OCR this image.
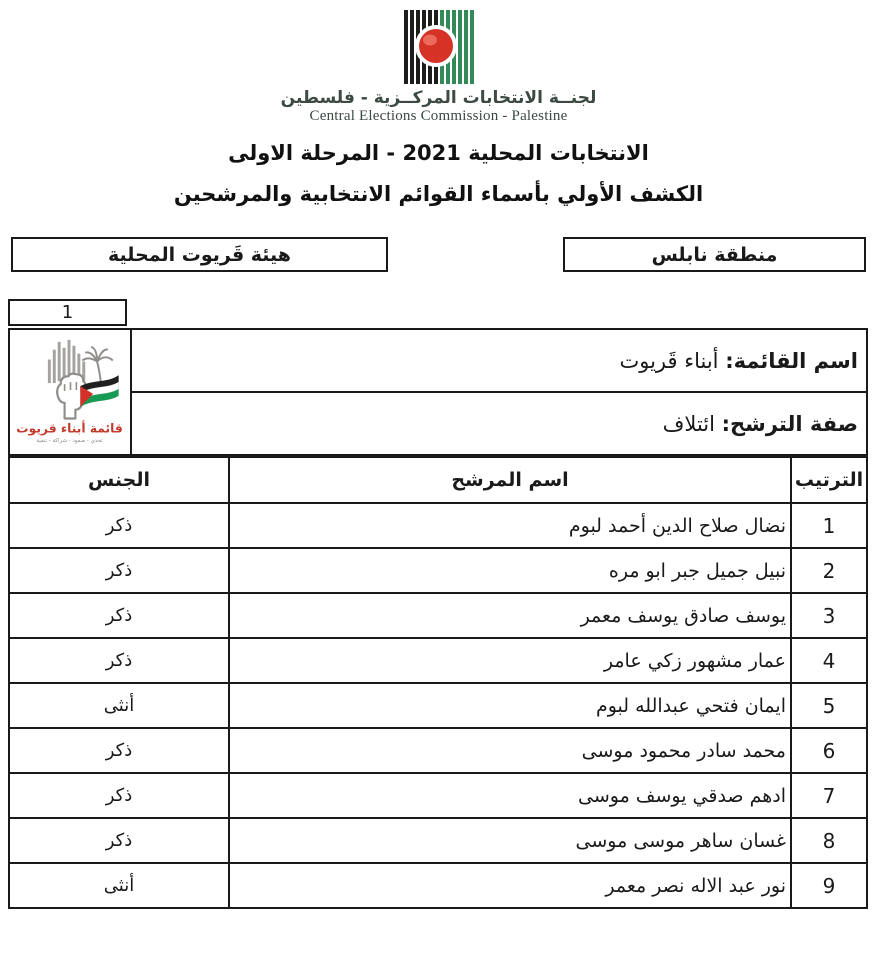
لجنــة الانتخابات المركــزية - فلسطين
Central Elections Commission - Palestine
الانتخابات المحلية 2021 - المرحلة الاولى
الكشف الأولي بأسماء القوائم الانتخابية والمرشحين
منطقة نابلس
هيئة قَريوت المحلية
1
اسم القائمة: أبناء قَريوت	
قائمة أبناء قريوت
تحدي - صمود - شراكة - تنمية

صفة الترشح: ائتلاف
الترتيب	اسم المرشح	الجنس
1	نضال صلاح الدين أحمد لبوم	ذكر
2	نبيل جميل جبر ابو مره	ذكر
3	يوسف صادق يوسف معمر	ذكر
4	عمار مشهور زكي عامر	ذكر
5	ايمان فتحي عبدالله لبوم	أنثى
6	محمد سادر محمود موسى	ذكر
7	ادهم صدقي يوسف موسى	ذكر
8	غسان ساهر موسى موسى	ذكر
9	نور عبد الاله نصر معمر	أنثى
